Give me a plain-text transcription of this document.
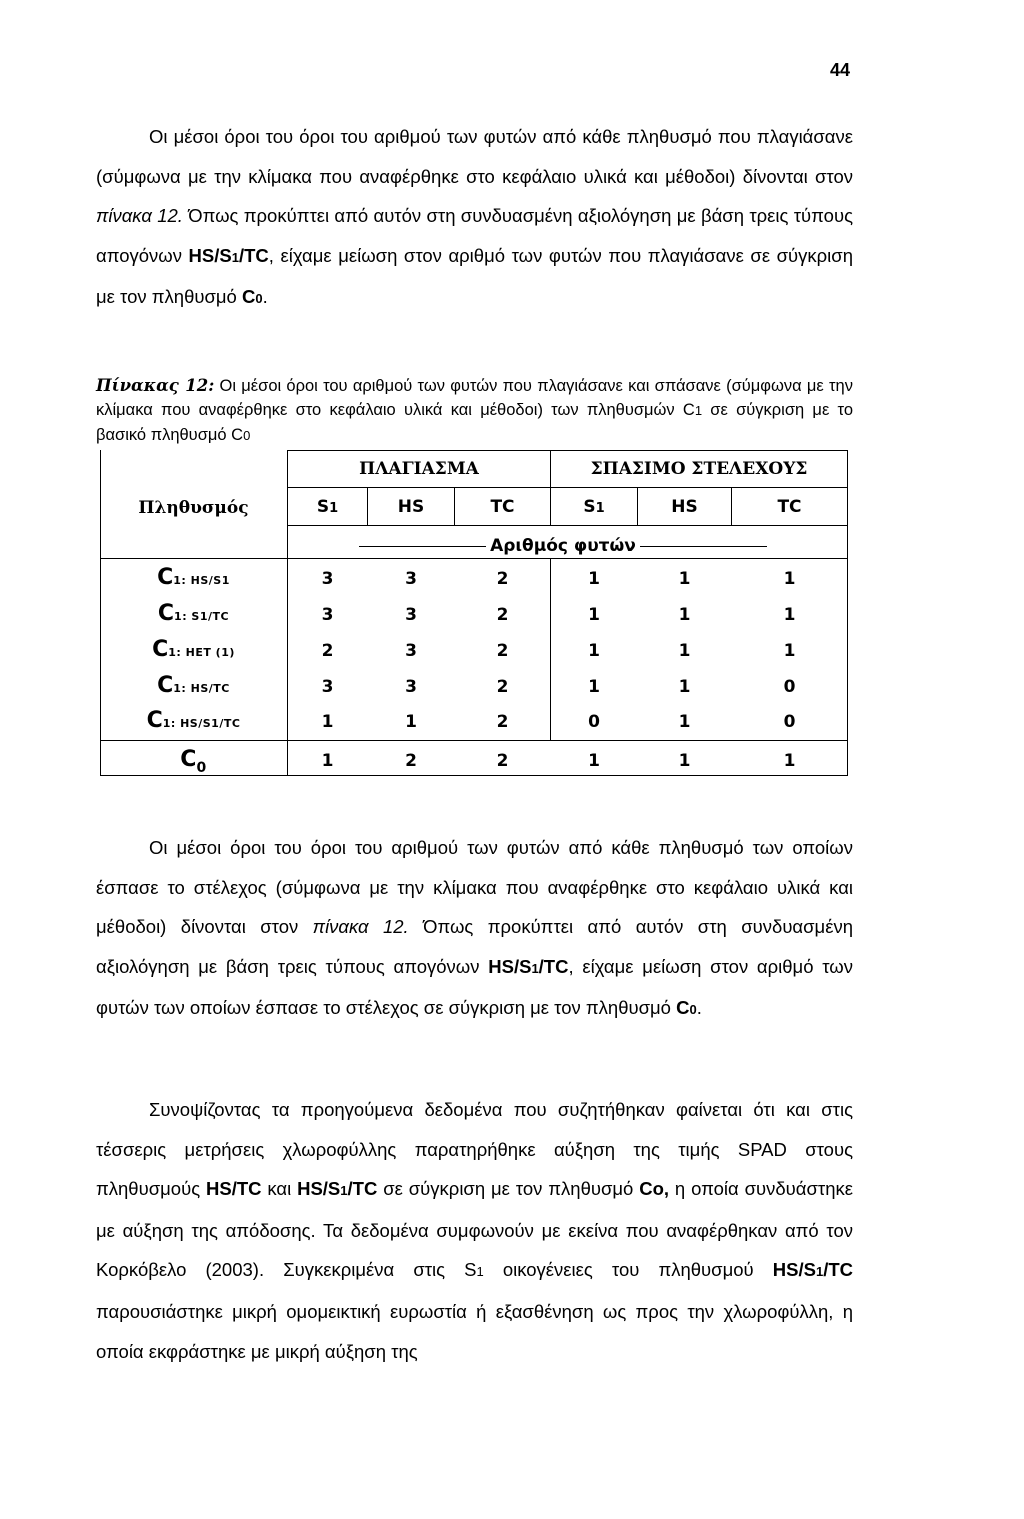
44
Οι μέσοι όροι του όροι του αριθμού των φυτών από κάθε πληθυσμό που πλαγιάσανε (σύμφωνα με την κλίμακα που αναφέρθηκε στο κεφάλαιο υλικά και μέθοδοι) δίνονται στον πίνακα 12. Όπως προκύπτει από αυτόν στη συνδυασμένη αξιολόγηση με βάση τρεις τύπους απογόνων HS/S1/TC, είχαμε μείωση στον αριθμό των φυτών που πλαγιάσανε σε σύγκριση με τον πληθυσμό C0.
Πίνακας 12: Οι μέσοι όροι του αριθμού των φυτών που πλαγιάσανε και σπάσανε (σύμφωνα με την κλίμακα που αναφέρθηκε στο κεφάλαιο υλικά και μέθοδοι) των πληθυσμών C1 σε σύγκριση με το βασικό πληθυσμό C0
ΠΛΑΓΙΑΣΜΑ	ΣΠΑΣΙΜΟ ΣΤΕΛΕΧΟΥΣ
Πληθυσμός	S1	HS	TC	S1	HS	TC
Αριθμός φυτών
C1: HS/S1	3	3	2	1	1	1
C1: S1/TC	3	3	2	1	1	1
C1: HET (1)	2	3	2	1	1	1
C1: HS/TC	3	3	2	1	1	0
C1: HS/S1/TC	1	1	2	0	1	0
C0	1	2	2	1	1	1
Οι μέσοι όροι του όροι του αριθμού των φυτών από κάθε πληθυσμό των οποίων έσπασε το στέλεχος (σύμφωνα με την κλίμακα που αναφέρθηκε στο κεφάλαιο υλικά και μέθοδοι) δίνονται στον πίνακα 12. Όπως προκύπτει από αυτόν στη συνδυασμένη αξιολόγηση με βάση τρεις τύπους απογόνων HS/S1/TC, είχαμε μείωση στον αριθμό των φυτών των οποίων έσπασε το στέλεχος σε σύγκριση με τον πληθυσμό C0.
Συνοψίζοντας τα προηγούμενα δεδομένα που συζητήθηκαν φαίνεται ότι και στις τέσσερις μετρήσεις χλωροφύλλης παρατηρήθηκε αύξηση της τιμής SPAD στους πληθυσμούς HS/TC και HS/S1/TC σε σύγκριση με τον πληθυσμό Co, η οποία συνδυάστηκε με αύξηση της απόδοσης. Τα δεδομένα συμφωνούν με εκείνα που αναφέρθηκαν από τον Κορκόβελο (2003). Συγκεκριμένα στις S1 οικογένειες του πληθυσμού HS/S1/TC παρουσιάστηκε μικρή ομομεικτική ευρωστία ή εξασθένηση ως προς την χλωροφύλλη, η οποία εκφράστηκε με μικρή αύξηση της
